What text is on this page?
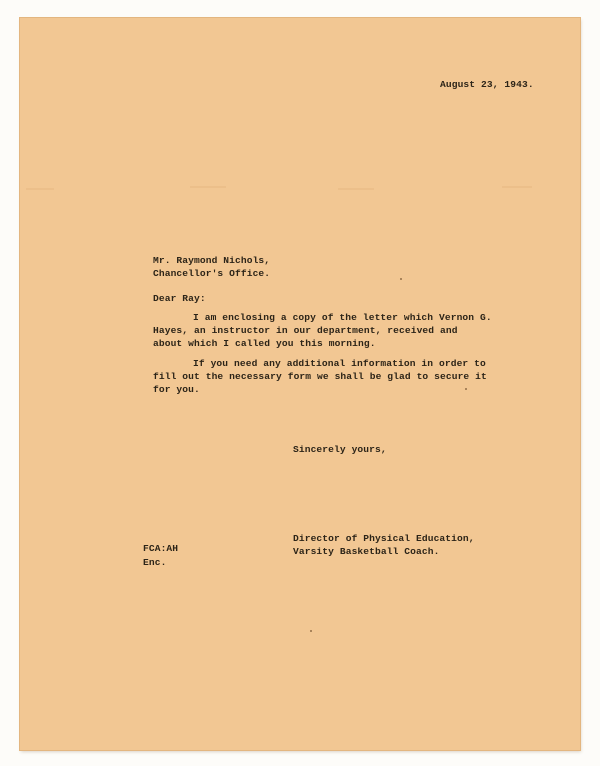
August 23, 1943.

Mr. Raymond Nichols,

Chancellor's Office.

Dear Ray:

I am enclosing a copy of the letter which Vernon G.

Hayes, an instructor in our department, received and

about which I called you this morning.

If you need any additional information in order to

fill out the necessary form we shall be glad to secure it

for you.

Sincerely yours,

Director of Physical Education,

Varsity Basketball Coach.

FCA:AH

Enc.
